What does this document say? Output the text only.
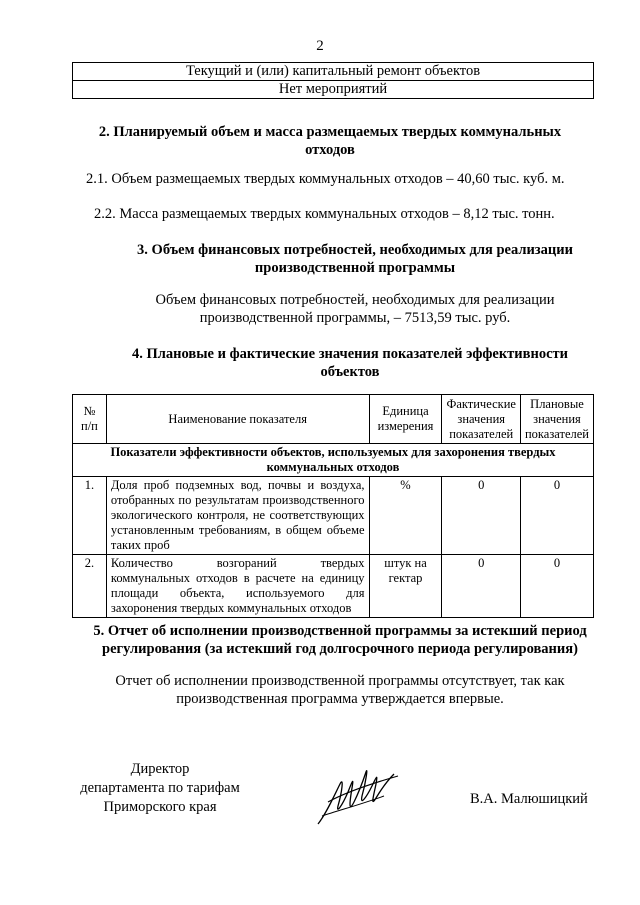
2
Текущий и (или) капитальный ремонт объектов
Нет мероприятий
2. Планируемый объем и масса размещаемых твердых коммунальных отходов
2.1. Объем размещаемых твердых коммунальных отходов – 40,60 тыс. куб. м.
2.2. Масса размещаемых твердых коммунальных отходов – 8,12 тыс. тонн.
3. Объем финансовых потребностей, необходимых для реализации производственной программы
Объем финансовых потребностей, необходимых для реализации производственной программы, – 7513,59 тыс. руб.
4. Плановые и фактические значения показателей эффективности объектов
№ п/п	Наименование показателя	Единица измерения	Фактические значения показателей	Плановые значения показателей
Показатели эффективности объектов, используемых для захоронения твердых коммунальных отходов				
1.	Доля проб подземных вод, почвы и воздуха, отобранных по результатам производственного экологического контроля, не соответствующих установленным требованиям, в общем объеме таких проб	%	0	0
2.	Количество возгораний твердых коммунальных отходов в расчете на единицу площади объекта, используемого для захоронения твердых коммунальных отходов	штук на гектар	0	0
5. Отчет об исполнении производственной программы за истекший период регулирования (за истекший год долгосрочного периода регулирования)
Отчет об исполнении производственной программы отсутствует, так как производственная программа утверждается впервые.
Директор
департамента по тарифам
Приморского края	В.А. Малюшицкий
